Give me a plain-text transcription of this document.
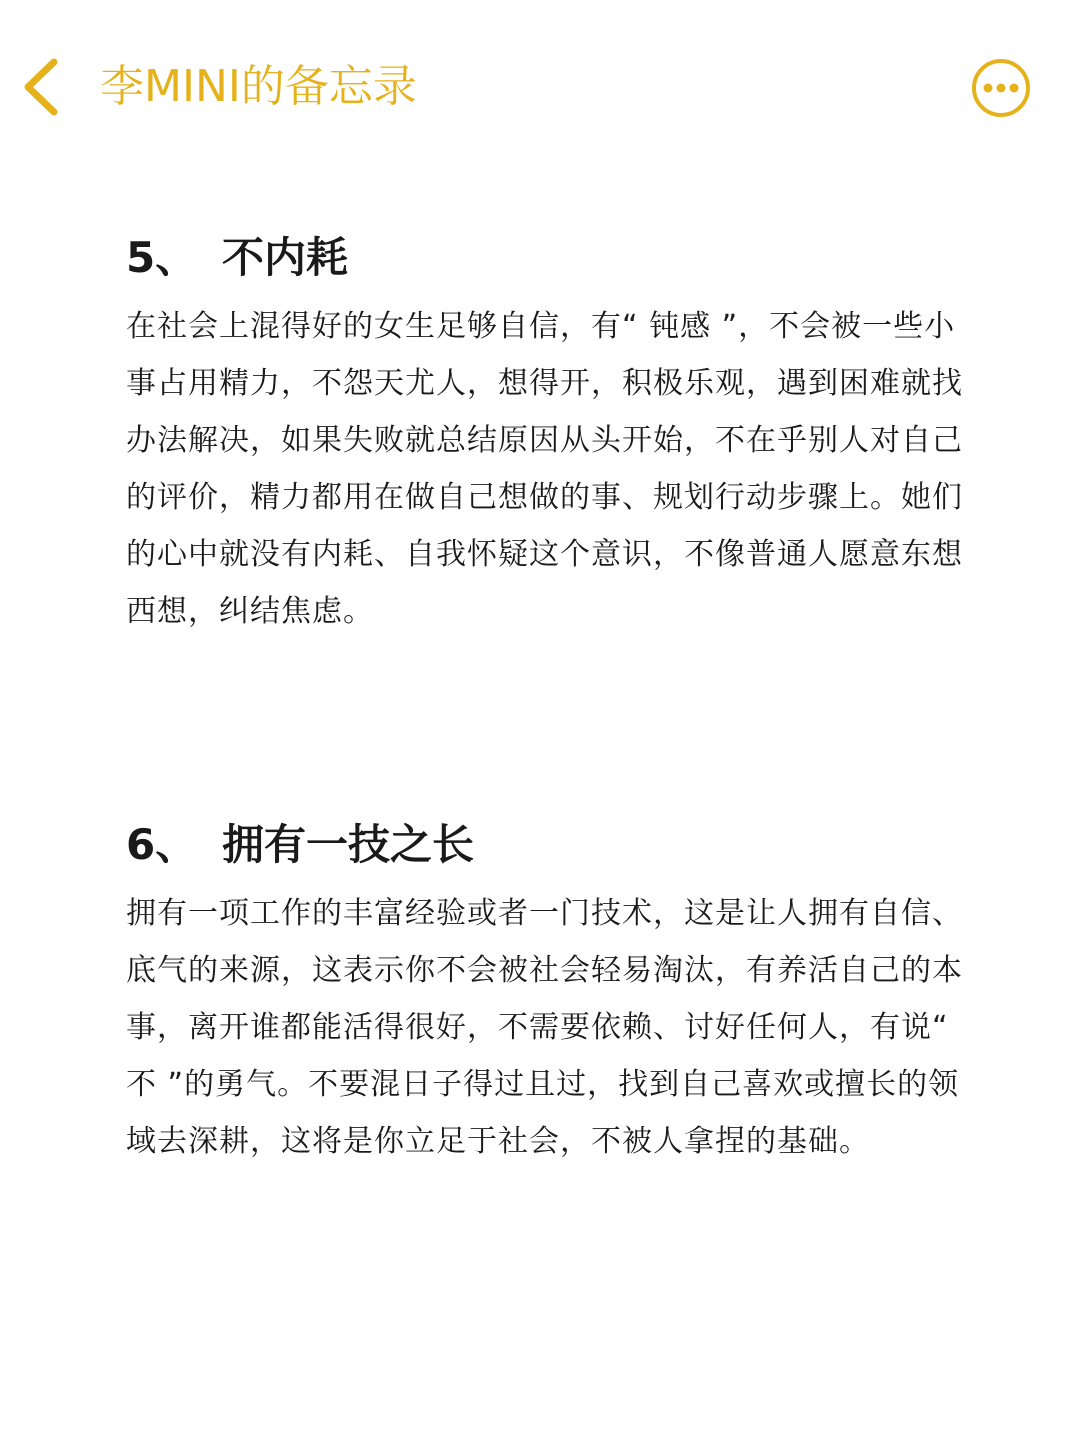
李MINI的备忘录
5、 不内耗

在社会上混得好的女生足够自信，有“ 钝感 ”，不会被一些小事占用精力，不怨天尤人，想得开，积极乐观，遇到困难就找办法解决，如果失败就总结原因从头开始，不在乎别人对自己的评价，精力都用在做自己想做的事、规划行动步骤上。她们的心中就没有内耗、自我怀疑这个意识，不像普通人愿意东想西想，纠结焦虑。

6、 拥有一技之长

拥有一项工作的丰富经验或者一门技术，这是让人拥有自信、底气的来源，这表示你不会被社会轻易淘汰，有养活自己的本事，离开谁都能活得很好，不需要依赖、讨好任何人，有说“ 不 ”的勇气。不要混日子得过且过，找到自己喜欢或擅长的领域去深耕，这将是你立足于社会，不被人拿捏的基础。
